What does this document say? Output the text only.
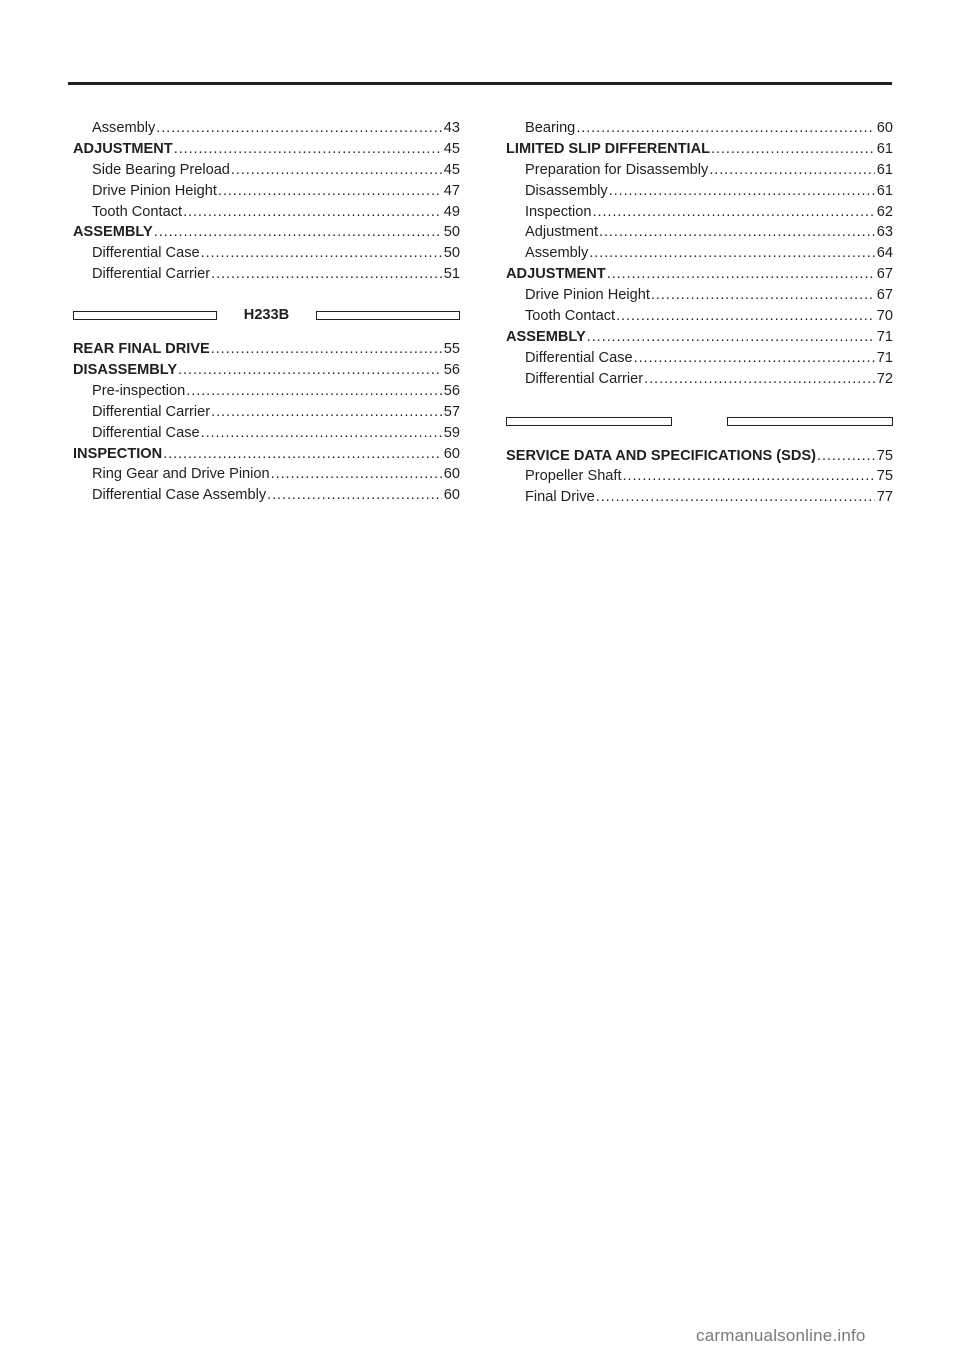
Assembly .....	43
ADJUSTMENT .....	45
Side Bearing Preload .....	45
Drive Pinion Height .....	47
Tooth Contact .....	49
ASSEMBLY .....	50
Differential Case .....	50
Differential Carrier .....	51
H233B
REAR FINAL DRIVE .....	55
DISASSEMBLY .....	56
Pre-inspection .....	56
Differential Carrier .....	57
Differential Case .....	59
INSPECTION .....	60
Ring Gear and Drive Pinion .....	60
Differential Case Assembly .....	60
Bearing .....	60
LIMITED SLIP DIFFERENTIAL .....	61
Preparation for Disassembly .....	61
Disassembly .....	61
Inspection .....	62
Adjustment .....	63
Assembly .....	64
ADJUSTMENT .....	67
Drive Pinion Height .....	67
Tooth Contact .....	70
ASSEMBLY .....	71
Differential Case .....	71
Differential Carrier .....	72
SERVICE DATA AND SPECIFICATIONS (SDS) .....	75
Propeller Shaft .....	75
Final Drive .....	77
carmanualsonline.info
